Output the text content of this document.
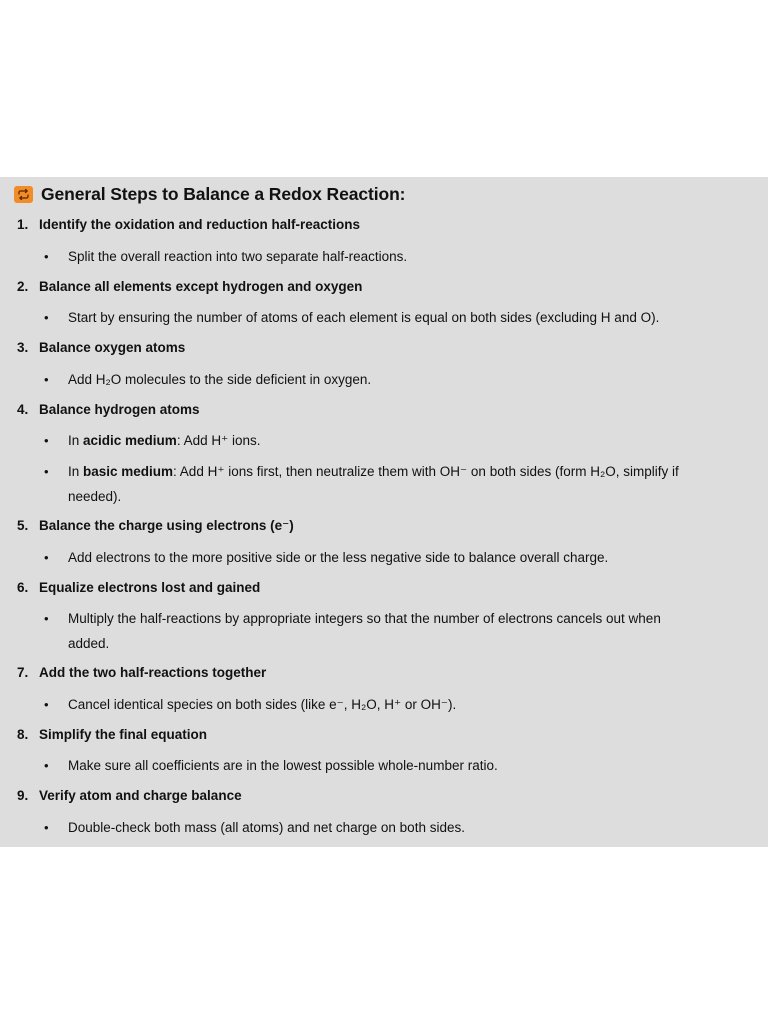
General Steps to Balance a Redox Reaction:
1. Identify the oxidation and reduction half-reactions
• Split the overall reaction into two separate half-reactions.
2. Balance all elements except hydrogen and oxygen
• Start by ensuring the number of atoms of each element is equal on both sides (excluding H and O).
3. Balance oxygen atoms
• Add H₂O molecules to the side deficient in oxygen.
4. Balance hydrogen atoms
• In acidic medium: Add H⁺ ions.
• In basic medium: Add H⁺ ions first, then neutralize them with OH⁻ on both sides (form H₂O, simplify if needed).
5. Balance the charge using electrons (e⁻)
• Add electrons to the more positive side or the less negative side to balance overall charge.
6. Equalize electrons lost and gained
• Multiply the half-reactions by appropriate integers so that the number of electrons cancels out when added.
7. Add the two half-reactions together
• Cancel identical species on both sides (like e⁻, H₂O, H⁺ or OH⁻).
8. Simplify the final equation
• Make sure all coefficients are in the lowest possible whole-number ratio.
9. Verify atom and charge balance
• Double-check both mass (all atoms) and net charge on both sides.
